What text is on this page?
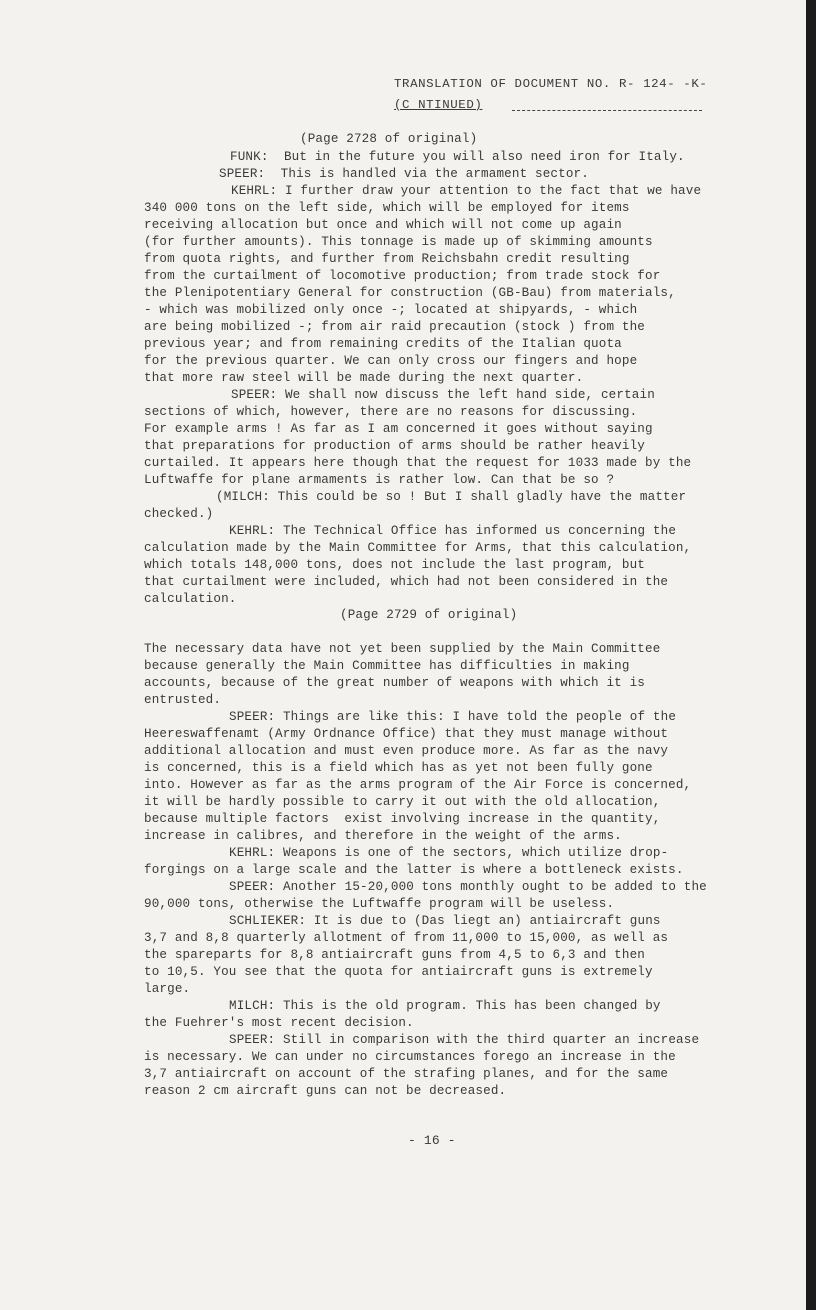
TRANSLATION OF DOCUMENT NO. R- 124- -K-
(C NTINUED)
(Page 2728 of original)
FUNK:  But in the future you will also need iron for Italy.
SPEER:  This is handled via the armament sector.
KEHRL: I further draw your attention to the fact that we have
340 000 tons on the left side, which will be employed for items
receiving allocation but once and which will not come up again
(for further amounts). This tonnage is made up of skimming amounts
from quota rights, and further from Reichsbahn credit resulting
from the curtailment of locomotive production; from trade stock for
the Plenipotentiary General for construction (GB-Bau) from materials,
- which was mobilized only once -; located at shipyards, - which
are being mobilized -; from air raid precaution (stock ) from the
previous year; and from remaining credits of the Italian quota
for the previous quarter. We can only cross our fingers and hope
that more raw steel will be made during the next quarter.
SPEER: We shall now discuss the left hand side, certain
sections of which, however, there are no reasons for discussing.
For example arms ! As far as I am concerned it goes without saying
that preparations for production of arms should be rather heavily
curtailed. It appears here though that the request for 1033 made by the
Luftwaffe for plane armaments is rather low. Can that be so ?
(MILCH: This could be so ! But I shall gladly have the matter
checked.)
KEHRL: The Technical Office has informed us concerning the
calculation made by the Main Committee for Arms, that this calculation,
which totals 148,000 tons, does not include the last program, but
that curtailment were included, which had not been considered in the
calculation.
(Page 2729 of original)
The necessary data have not yet been supplied by the Main Committee
because generally the Main Committee has difficulties in making
accounts, because of the great number of weapons with which it is
entrusted.
SPEER: Things are like this: I have told the people of the
Heereswaffenamt (Army Ordnance Office) that they must manage without
additional allocation and must even produce more. As far as the navy
is concerned, this is a field which has as yet not been fully gone
into. However as far as the arms program of the Air Force is concerned,
it will be hardly possible to carry it out with the old allocation,
because multiple factors  exist involving increase in the quantity,
increase in calibres, and therefore in the weight of the arms.
KEHRL: Weapons is one of the sectors, which utilize drop-
forgings on a large scale and the latter is where a bottleneck exists.
SPEER: Another 15-20,000 tons monthly ought to be added to the
90,000 tons, otherwise the Luftwaffe program will be useless.
SCHLIEKER: It is due to (Das liegt an) antiaircraft guns
3,7 and 8,8 quarterly allotment of from 11,000 to 15,000, as well as
the spareparts for 8,8 antiaircraft guns from 4,5 to 6,3 and then
to 10,5. You see that the quota for antiaircraft guns is extremely
large.
MILCH: This is the old program. This has been changed by
the Fuehrer's most recent decision.
SPEER: Still in comparison with the third quarter an increase
is necessary. We can under no circumstances forego an increase in the
3,7 antiaircraft on account of the strafing planes, and for the same
reason 2 cm aircraft guns can not be decreased.
- 16 -
